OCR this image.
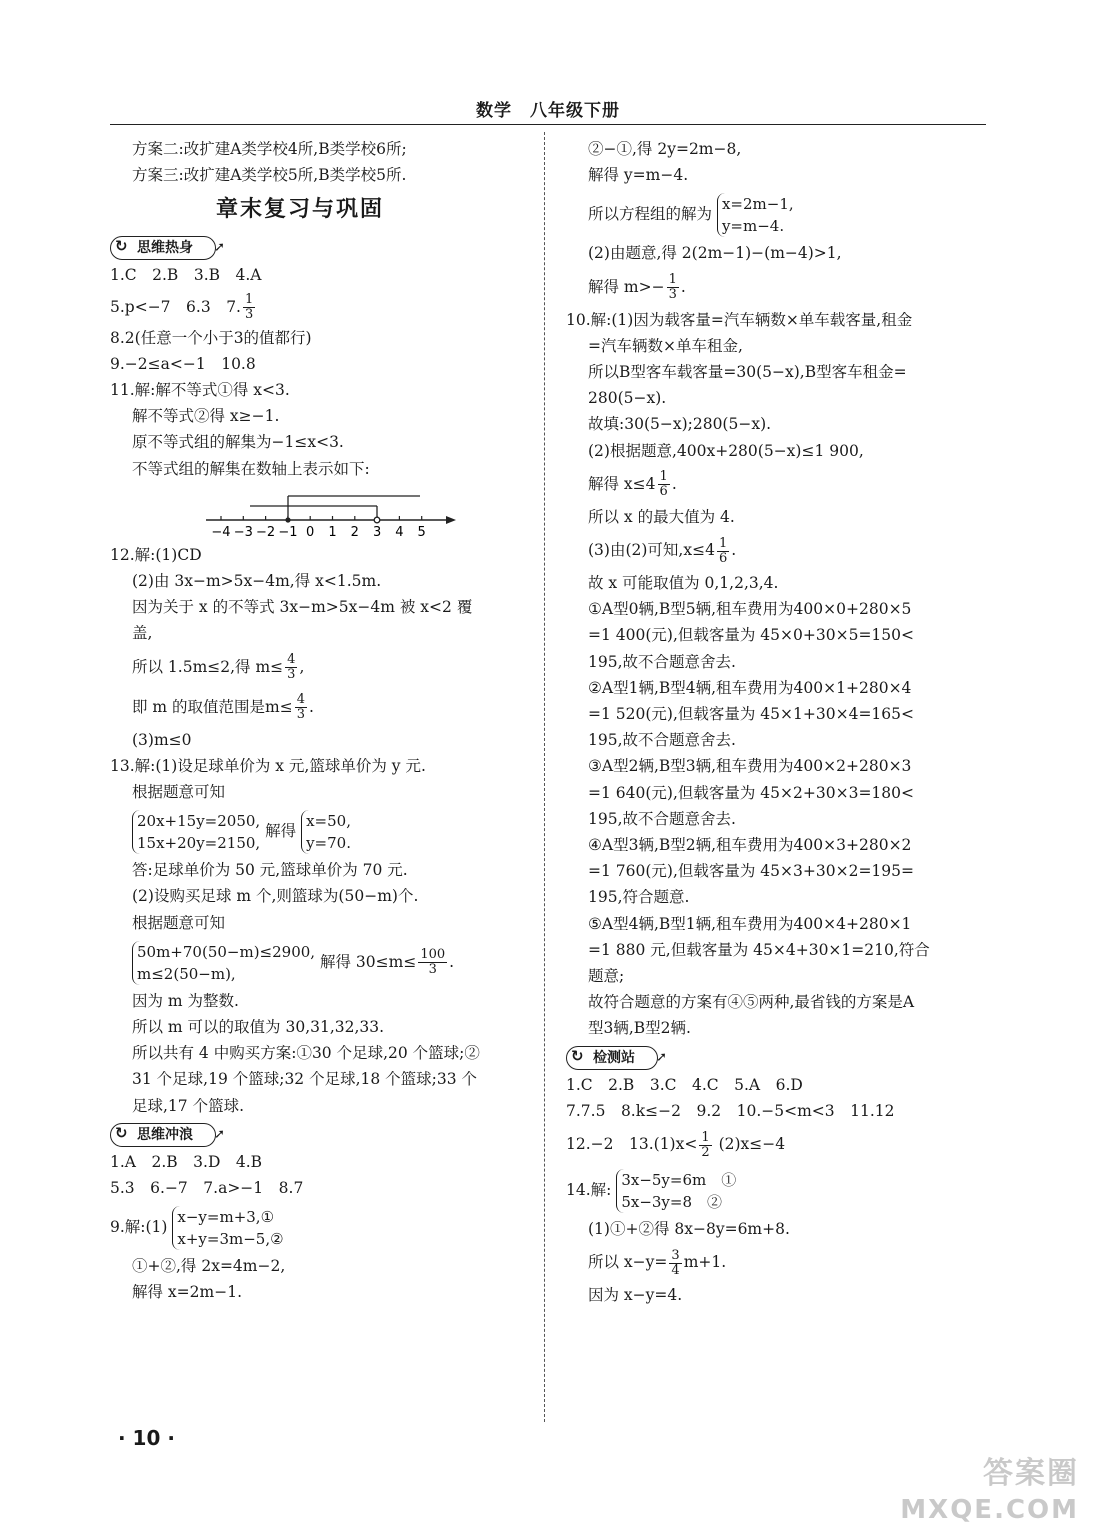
数学　八年级下册
方案二:改扩建A类学校4所,B类学校6所;
方案三:改扩建A类学校5所,B类学校5所.
章末复习与巩固
↻ 思维热身 ➚
1.C　2.B　3.B　4.A
5.p<−7　6.3　7. $\frac{1}{3}$
8.2(任意一个小于3的值都行)
9.−2≤a<−1　10.8
11.解:解不等式①得 x<3.
解不等式②得 x≥−1.
原不等式组的解集为−1≤x<3.
不等式组的解集在数轴上表示如下:
−4 −3 −2 −1 0 1 2 3 4 5
12.解:(1)CD
(2)由 3x−m>5x−4m,得 x<1.5m.
因为关于 x 的不等式 3x−m>5x−4m 被 x<2 覆
盖,
所以 1.5m≤2,得 $m\le \frac{4}{3}$ ,
即 m 的取值范围是$m\le \frac{4}{3}$ .
(3)m≤0
13.解:(1)设足球单价为 x 元,篮球单价为 y 元.
根据题意可知
20x+15y=2050,
15x+20y=2150,
解得
x=50,
y=70.
答:足球单价为 50 元,篮球单价为 70 元.
(2)设购买足球 m 个,则篮球为(50−m)个.
根据题意可知
50m+70(50−m)≤2900,
m≤2(50−m),
解得 $30\le m\le \frac{100}{3}$ .
因为 m 为整数.
所以 m 可以的取值为 30,31,32,33.
所以共有 4 中购买方案:①30 个足球,20 个篮球;②
31 个足球,19 个篮球;32 个足球,18 个篮球;33 个
足球,17 个篮球.
↻ 思维冲浪 ➚
1.A　2.B　3.D　4.B
5.3　6.−7　7.a>−1　8.7
9.解:(1)
x−y=m+3,①
x+y=3m−5,②
①+②,得 2x=4m−2,
解得 x=2m−1.
②−①,得 2y=2m−8,
解得 y=m−4.
所以方程组的解为
x=2m−1,
y=m−4.
(2)由题意,得 2(2m−1)−(m−4)>1,
解得 $m>- \frac{1}{3}$ .
10.解:(1)因为载客量=汽车辆数×单车载客量,租金
=汽车辆数×单车租金,
所以B型客车载客量=30(5−x),B型客车租金=
280(5−x).
故填:30(5−x);280(5−x).
(2)根据题意,400x+280(5−x)≤1 900,
解得 $x\le 4 \frac{1}{6}$ .
所以 x 的最大值为 4.
(3)由(2)可知$,x\le 4 \frac{1}{6}$ .
故 x 可能取值为 0,1,2,3,4.
①A型0辆,B型5辆,租车费用为400×0+280×5
=1 400(元),但载客量为 45×0+30×5=150<
195,故不合题意舍去.
②A型1辆,B型4辆,租车费用为400×1+280×4
=1 520(元),但载客量为 45×1+30×4=165<
195,故不合题意舍去.
③A型2辆,B型3辆,租车费用为400×2+280×3
=1 640(元),但载客量为 45×2+30×3=180<
195,故不合题意舍去.
④A型3辆,B型2辆,租车费用为400×3+280×2
=1 760(元),但载客量为 45×3+30×2=195=
195,符合题意.
⑤A型4辆,B型1辆,租车费用为400×4+280×1
=1 880 元,但载客量为 45×4+30×1=210,符合
题意;
故符合题意的方案有④⑤两种,最省钱的方案是A
型3辆,B型2辆.
↻ 检测站 ➚
1.C　2.B　3.C　4.C　5.A　6.D
7.7.5　8.k≤−2　9.2　10.−5<m<3　11.12
12.−2　$13.(1)x< \frac{1}{2} (2)x\le-4$
14.解:
3x−5y=6m　①
5x−3y=8　②
(1)①+②得 8x−8y=6m+8.
所以 $x-y= \frac{3}{4} m+1$.
因为 x−y=4.
· 10 ·
答案圈
MXQE.COM
